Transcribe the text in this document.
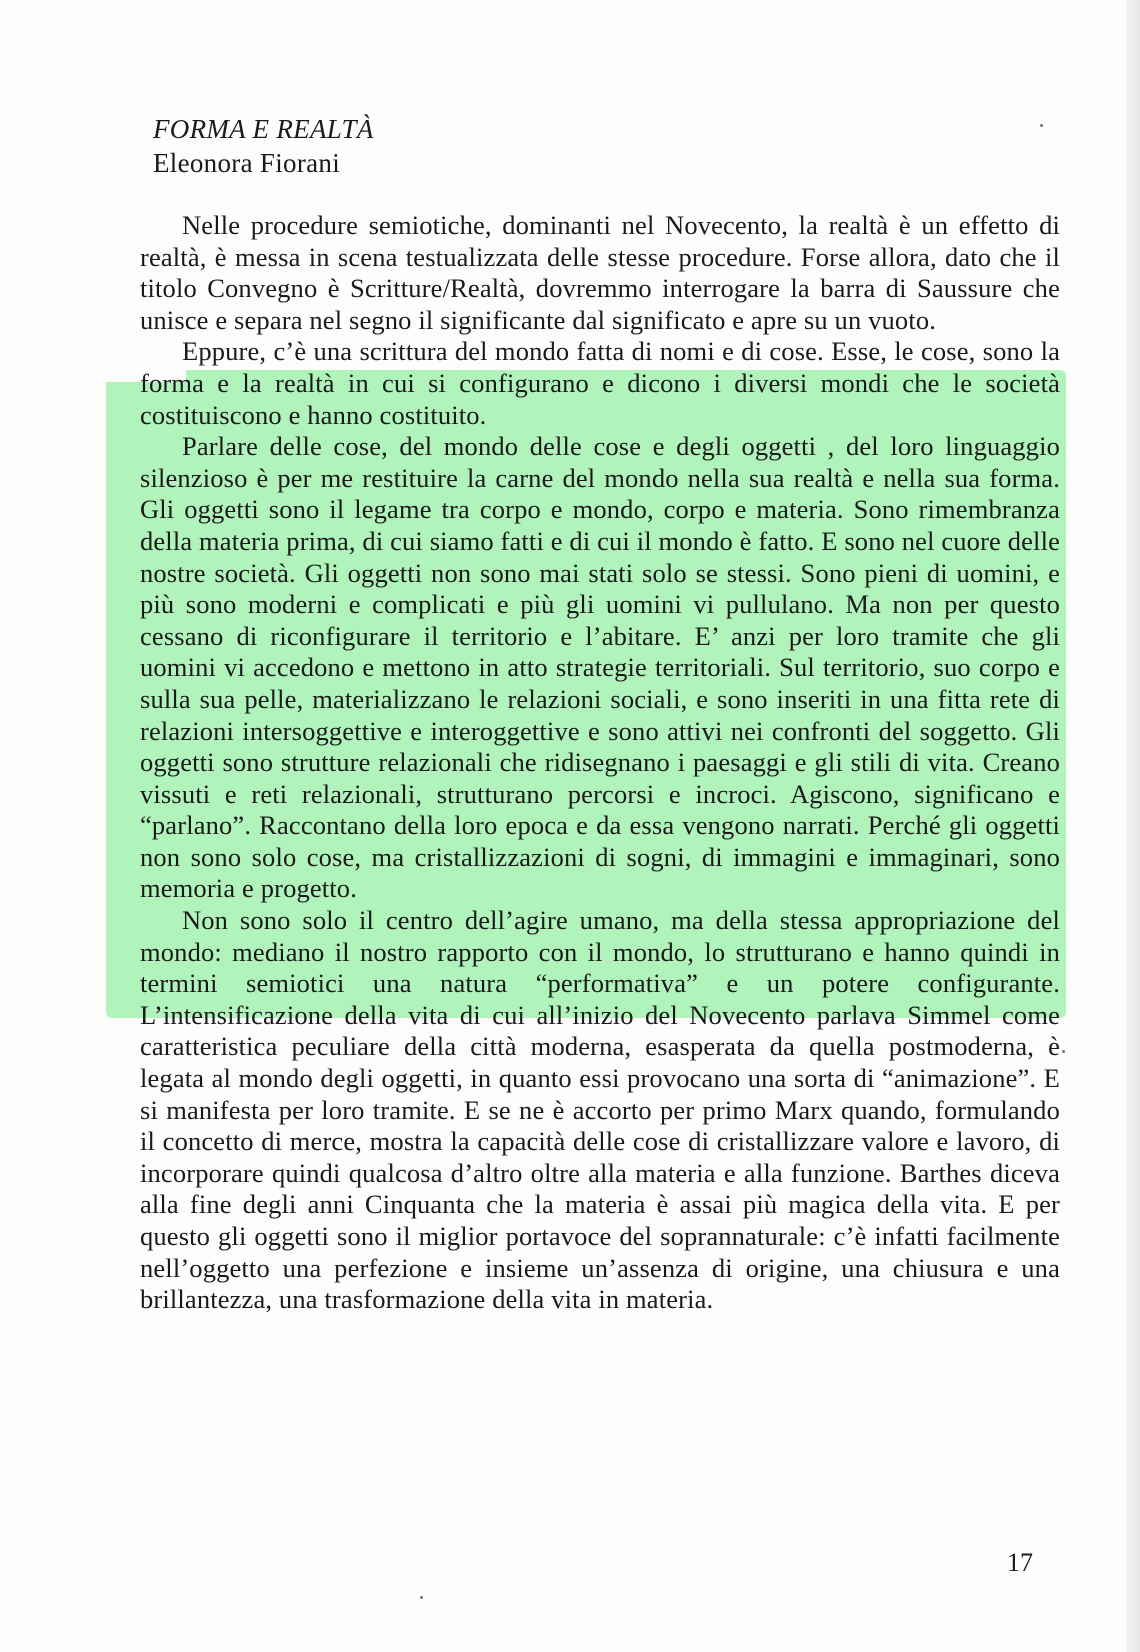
FORMA E REALTÀ
Eleonora Fiorani

Nelle procedure semiotiche, dominanti nel Novecento, la realtà è un effetto di realtà, è messa in scena testualizzata delle stesse procedure. Forse allora, dato che il titolo Convegno è Scritture/Realtà, dovremmo interrogare la barra di Saussure che unisce e separa nel segno il significante dal significato e apre su un vuoto.

Eppure, c’è una scrittura del mondo fatta di nomi e di cose. Esse, le cose, sono la forma e la realtà in cui si configurano e dicono i diversi mondi che le società costituiscono e hanno costituito.

Parlare delle cose, del mondo delle cose e degli oggetti , del loro linguaggio silenzioso è per me restituire la carne del mondo nella sua realtà e nella sua forma. Gli oggetti sono il legame tra corpo e mondo, corpo e materia. Sono rimembranza della materia prima, di cui siamo fatti e di cui il mondo è fatto. E sono nel cuore delle nostre società. Gli oggetti non sono mai stati solo se stessi. Sono pieni di uomini, e più sono moderni e complicati e più gli uomini vi pullulano. Ma non per questo cessano di riconfigurare il territorio e l’abitare. E’ anzi per loro tramite che gli uomini vi accedono e mettono in atto strategie territoriali. Sul territorio, suo corpo e sulla sua pelle, materializzano le relazioni sociali, e sono inseriti in una fitta rete di relazioni intersoggettive e interoggettive e sono attivi nei confronti del soggetto. Gli oggetti sono strutture relazionali che ridisegnano i paesaggi e gli stili di vita. Creano vissuti e reti relazionali, strutturano percorsi e incroci. Agiscono, significano e “parlano”. Raccontano della loro epoca e da essa vengono narrati. Perché gli oggetti non sono solo cose, ma cristallizzazioni di sogni, di immagini e immaginari, sono memoria e progetto.

Non sono solo il centro dell’agire umano, ma della stessa appropriazione del mondo: mediano il nostro rapporto con il mondo, lo strutturano e hanno quindi in termini semiotici una natura “performativa” e un potere configurante. L’intensificazione della vita di cui all’inizio del Novecento parlava Simmel come caratteristica peculiare della città moderna, esasperata da quella postmoderna, è legata al mondo degli oggetti, in quanto essi provocano una sorta di “animazione”. E si manifesta per loro tramite. E se ne è accorto per primo Marx quando, formulando il concetto di merce, mostra la capacità delle cose di cristallizzare valore e lavoro, di incorporare quindi qualcosa d’altro oltre alla materia e alla funzione. Barthes diceva alla fine degli anni Cinquanta che la materia è assai più magica della vita. E per questo gli oggetti sono il miglior portavoce del soprannaturale: c’è infatti facilmente nell’oggetto una perfezione e insieme un’assenza di origine, una chiusura e una brillantezza, una trasformazione della vita in materia.

17
